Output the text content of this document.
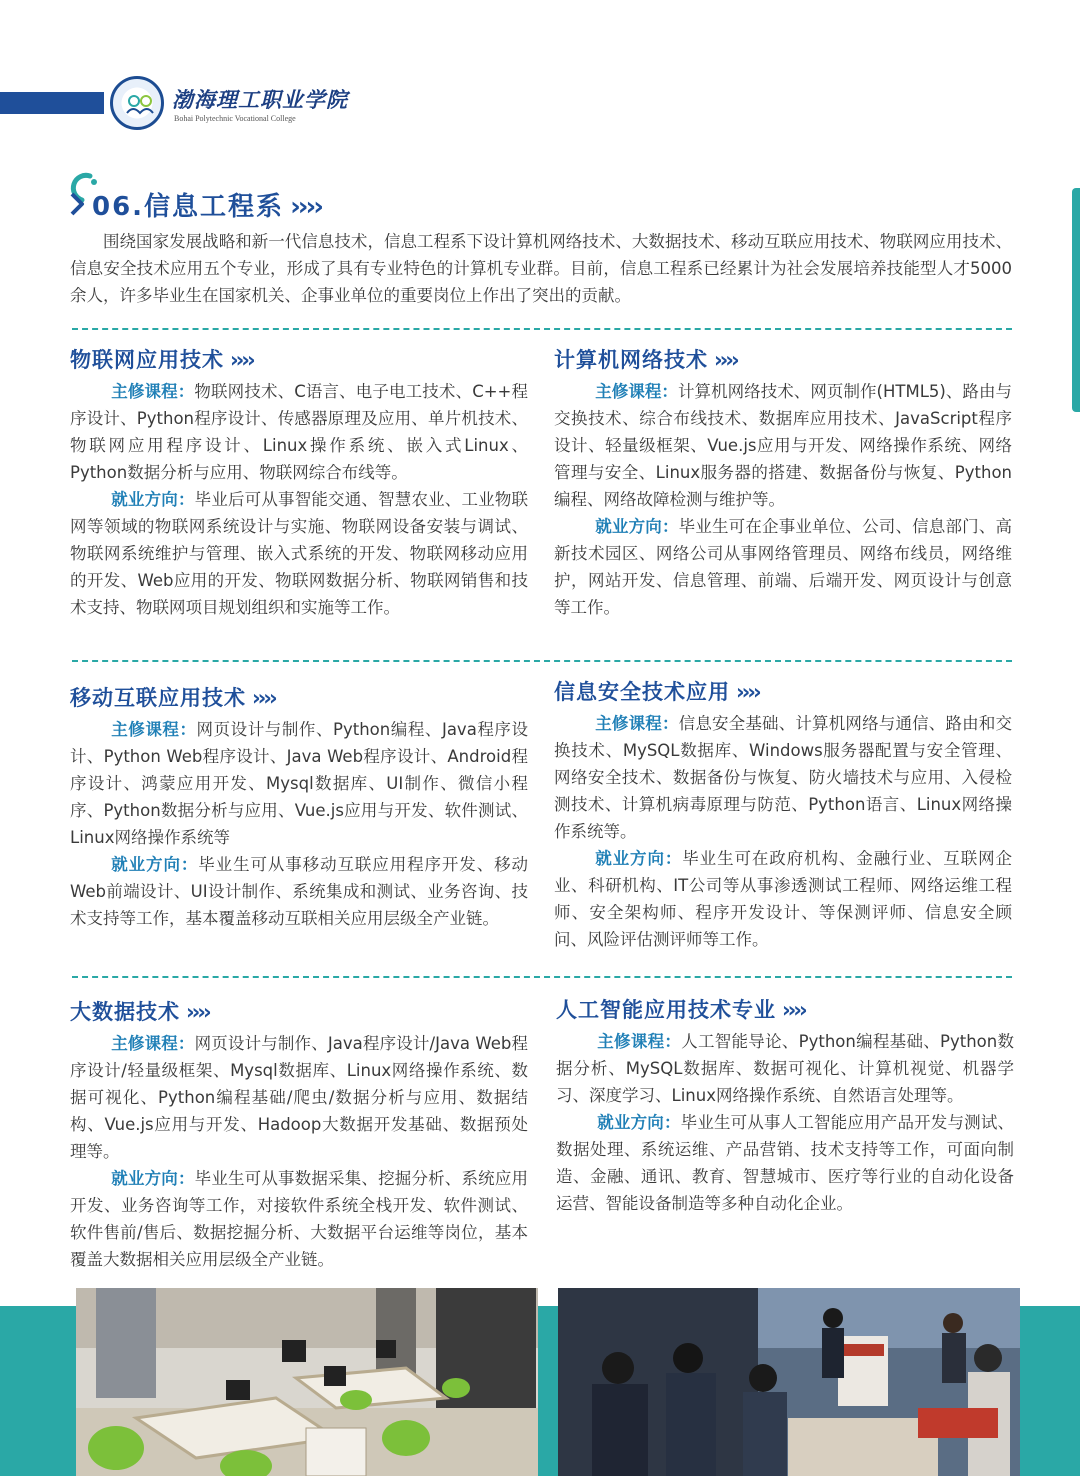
渤海理工职业学院
Bohai Polytechnic Vocational College
06.信息工程系 ››››

围绕国家发展战略和新一代信息技术，信息工程系下设计算机网络技术、大数据技术、移动互联应用技术、物联网应用技术、信息安全技术应用五个专业，形成了具有专业特色的计算机专业群。目前，信息工程系已经累计为社会发展培养技能型人才5000余人，许多毕业生在国家机关、企事业单位的重要岗位上作出了突出的贡献。

物联网应用技术 ››››

主修课程：物联网技术、C语言、电子电工技术、C++程序设计、Python程序设计、传感器原理及应用、单片机技术、物联网应用程序设计、Linux操作系统、嵌入式Linux、Python数据分析与应用、物联网综合布线等。

就业方向：毕业后可从事智能交通、智慧农业、工业物联网等领域的物联网系统设计与实施、物联网设备安装与调试、物联网系统维护与管理、嵌入式系统的开发、物联网移动应用的开发、Web应用的开发、物联网数据分析、物联网销售和技术支持、物联网项目规划组织和实施等工作。

计算机网络技术 ››››

主修课程：计算机网络技术、网页制作(HTML5)、路由与交换技术、综合布线技术、数据库应用技术、JavaScript程序设计、轻量级框架、Vue.js应用与开发、网络操作系统、网络管理与安全、Linux服务器的搭建、数据备份与恢复、Python编程、网络故障检测与维护等。

就业方向：毕业生可在企事业单位、公司、信息部门、高新技术园区、网络公司从事网络管理员、网络布线员，网络维护，网站开发、信息管理、前端、后端开发、网页设计与创意等工作。

移动互联应用技术 ››››

主修课程：网页设计与制作、Python编程、Java程序设计、Python Web程序设计、Java Web程序设计、Android程序设计、鸿蒙应用开发、Mysql数据库、UI制作、微信小程序、Python数据分析与应用、Vue.js应用与开发、软件测试、Linux网络操作系统等

就业方向：毕业生可从事移动互联应用程序开发、移动Web前端设计、UI设计制作、系统集成和测试、业务咨询、技术支持等工作，基本覆盖移动互联相关应用层级全产业链。

信息安全技术应用 ››››

主修课程：信息安全基础、计算机网络与通信、路由和交换技术、MySQL数据库、Windows服务器配置与安全管理、网络安全技术、数据备份与恢复、防火墙技术与应用、入侵检测技术、计算机病毒原理与防范、Python语言、Linux网络操作系统等。

就业方向：毕业生可在政府机构、金融行业、互联网企业、科研机构、IT公司等从事渗透测试工程师、网络运维工程师、安全架构师、程序开发设计、等保测评师、信息安全顾问、风险评估测评师等工作。

大数据技术 ››››

主修课程：网页设计与制作、Java程序设计/Java Web程序设计/轻量级框架、Mysql数据库、Linux网络操作系统、数据可视化、Python编程基础/爬虫/数据分析与应用、数据结构、Vue.js应用与开发、Hadoop大数据开发基础、数据预处理等。

就业方向：毕业生可从事数据采集、挖掘分析、系统应用开发、业务咨询等工作，对接软件系统全栈开发、软件测试、软件售前/售后、数据挖掘分析、大数据平台运维等岗位，基本覆盖大数据相关应用层级全产业链。

人工智能应用技术专业 ››››

主修课程：人工智能导论、Python编程基础、Python数据分析、MySQL数据库、数据可视化、计算机视觉、机器学习、深度学习、Linux网络操作系统、自然语言处理等。

就业方向：毕业生可从事人工智能应用产品开发与测试、数据处理、系统运维、产品营销、技术支持等工作，可面向制造、金融、通讯、教育、智慧城市、医疗等行业的自动化设备运营、智能设备制造等多种自动化企业。
